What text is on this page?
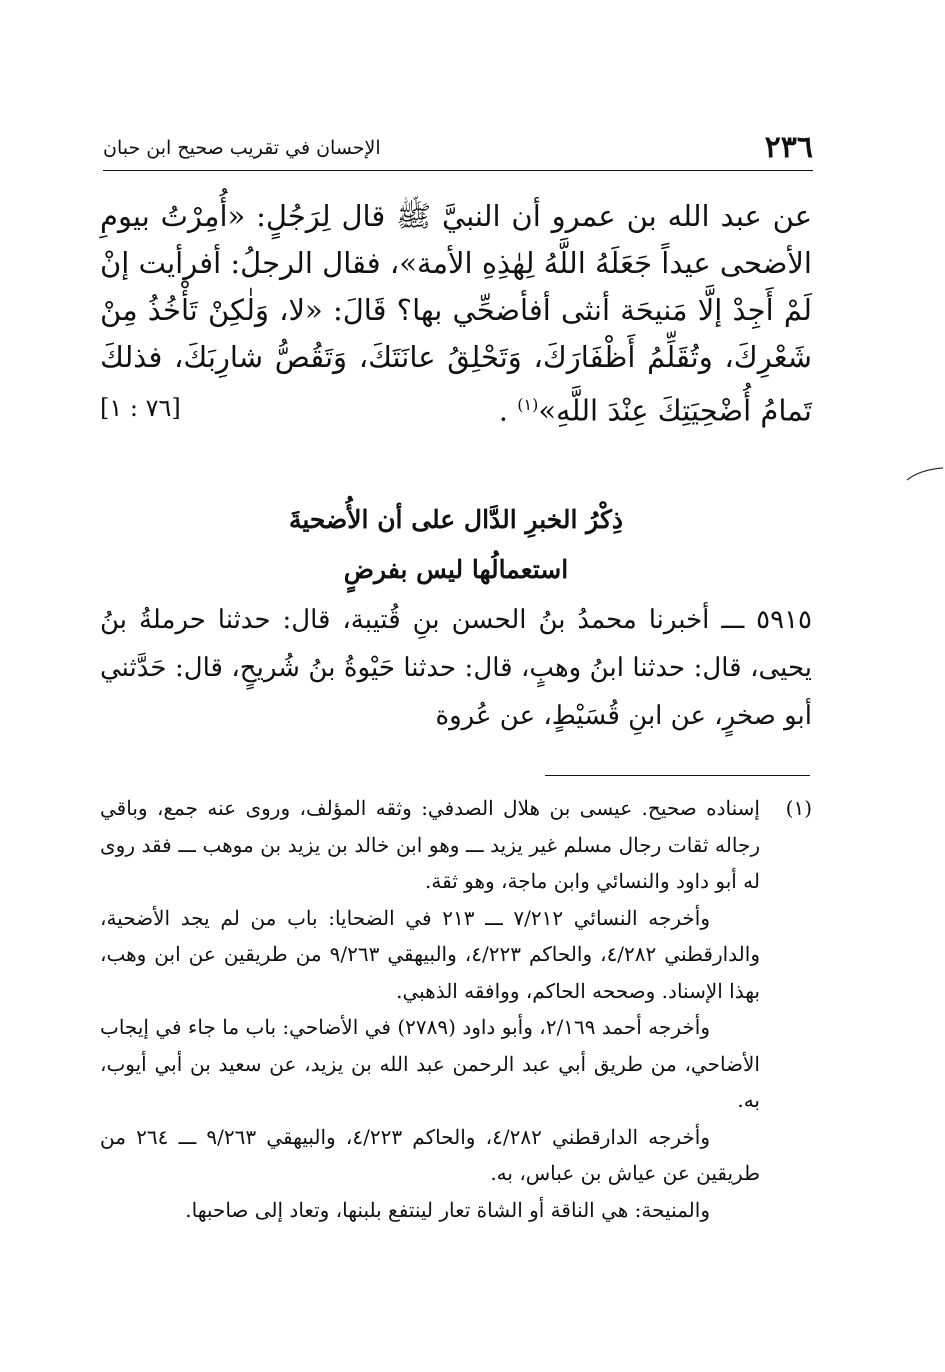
٢٣٦
الإحسان في تقريب صحيح ابن حبان
عن عبد الله بن عمرو أن النبيَّ ﷺ قال لِرَجُلٍ: «أُمِرْتُ بيومِ الأضحى عيداً جَعَلَهُ اللَّهُ لِهٰذِهِ الأمة»، فقال الرجلُ: أفرأيت إنْ لَمْ أَجِدْ إلَّا مَنيحَة أنثى أفأضحِّي بها؟ قَالَ: «لا، وَلٰكِنْ تَأْخُذُ مِنْ شَعْرِكَ، وتُقَلِّمُ أَظْفَارَكَ، وَتَحْلِقُ عانَتَكَ، وَتَقُصُّ شارِبَكَ، فذلكَ تَمامُ أُضْحِيَتِكَ عِنْدَ اللَّهِ»$^{(١)}$ .
[٧٦ : ١]
ذِكْرُ الخبرِ الدَّال على أن الأُضحيةَ
استعمالُها ليس بفرضٍ
٥٩١٥ ـــ أخبرنا محمدُ بنُ الحسن بنِ قُتيبة، قال: حدثنا حرملةُ بنُ يحيى، قال: حدثنا ابنُ وهبٍ، قال: حدثنا حَيْوةُ بنُ شُريحٍ، قال: حَدَّثني أبو صخرٍ، عن ابنِ قُسَيْطٍ، عن عُروة
(١)
إسناده صحيح. عيسى بن هلال الصدفي: وثقه المؤلف، وروى عنه جمع، وباقي رجاله ثقات رجال مسلم غير يزيد ـــ وهو ابن خالد بن يزيد بن موهب ـــ فقد روى له أبو داود والنسائي وابن ماجة، وهو ثقة.

وأخرجه النسائي ٧/٢١٢ ـــ ٢١٣ في الضحايا: باب من لم يجد الأضحية، والدارقطني ٤/٢٨٢، والحاكم ٤/٢٢٣، والبيهقي ٩/٢٦٣ من طريقين عن ابن وهب، بهذا الإسناد. وصححه الحاكم، ووافقه الذهبي.

وأخرجه أحمد ٢/١٦٩، وأبو داود (٢٧٨٩) في الأضاحي: باب ما جاء في إيجاب الأضاحي، من طريق أبي عبد الرحمن عبد الله بن يزيد، عن سعيد بن أبي أيوب، به.

وأخرجه الدارقطني ٤/٢٨٢، والحاكم ٤/٢٢٣، والبيهقي ٩/٢٦٣ ـــ ٢٦٤ من طريقين عن عياش بن عباس، به.

والمنيحة: هي الناقة أو الشاة تعار لينتفع بلبنها، وتعاد إلى صاحبها.
